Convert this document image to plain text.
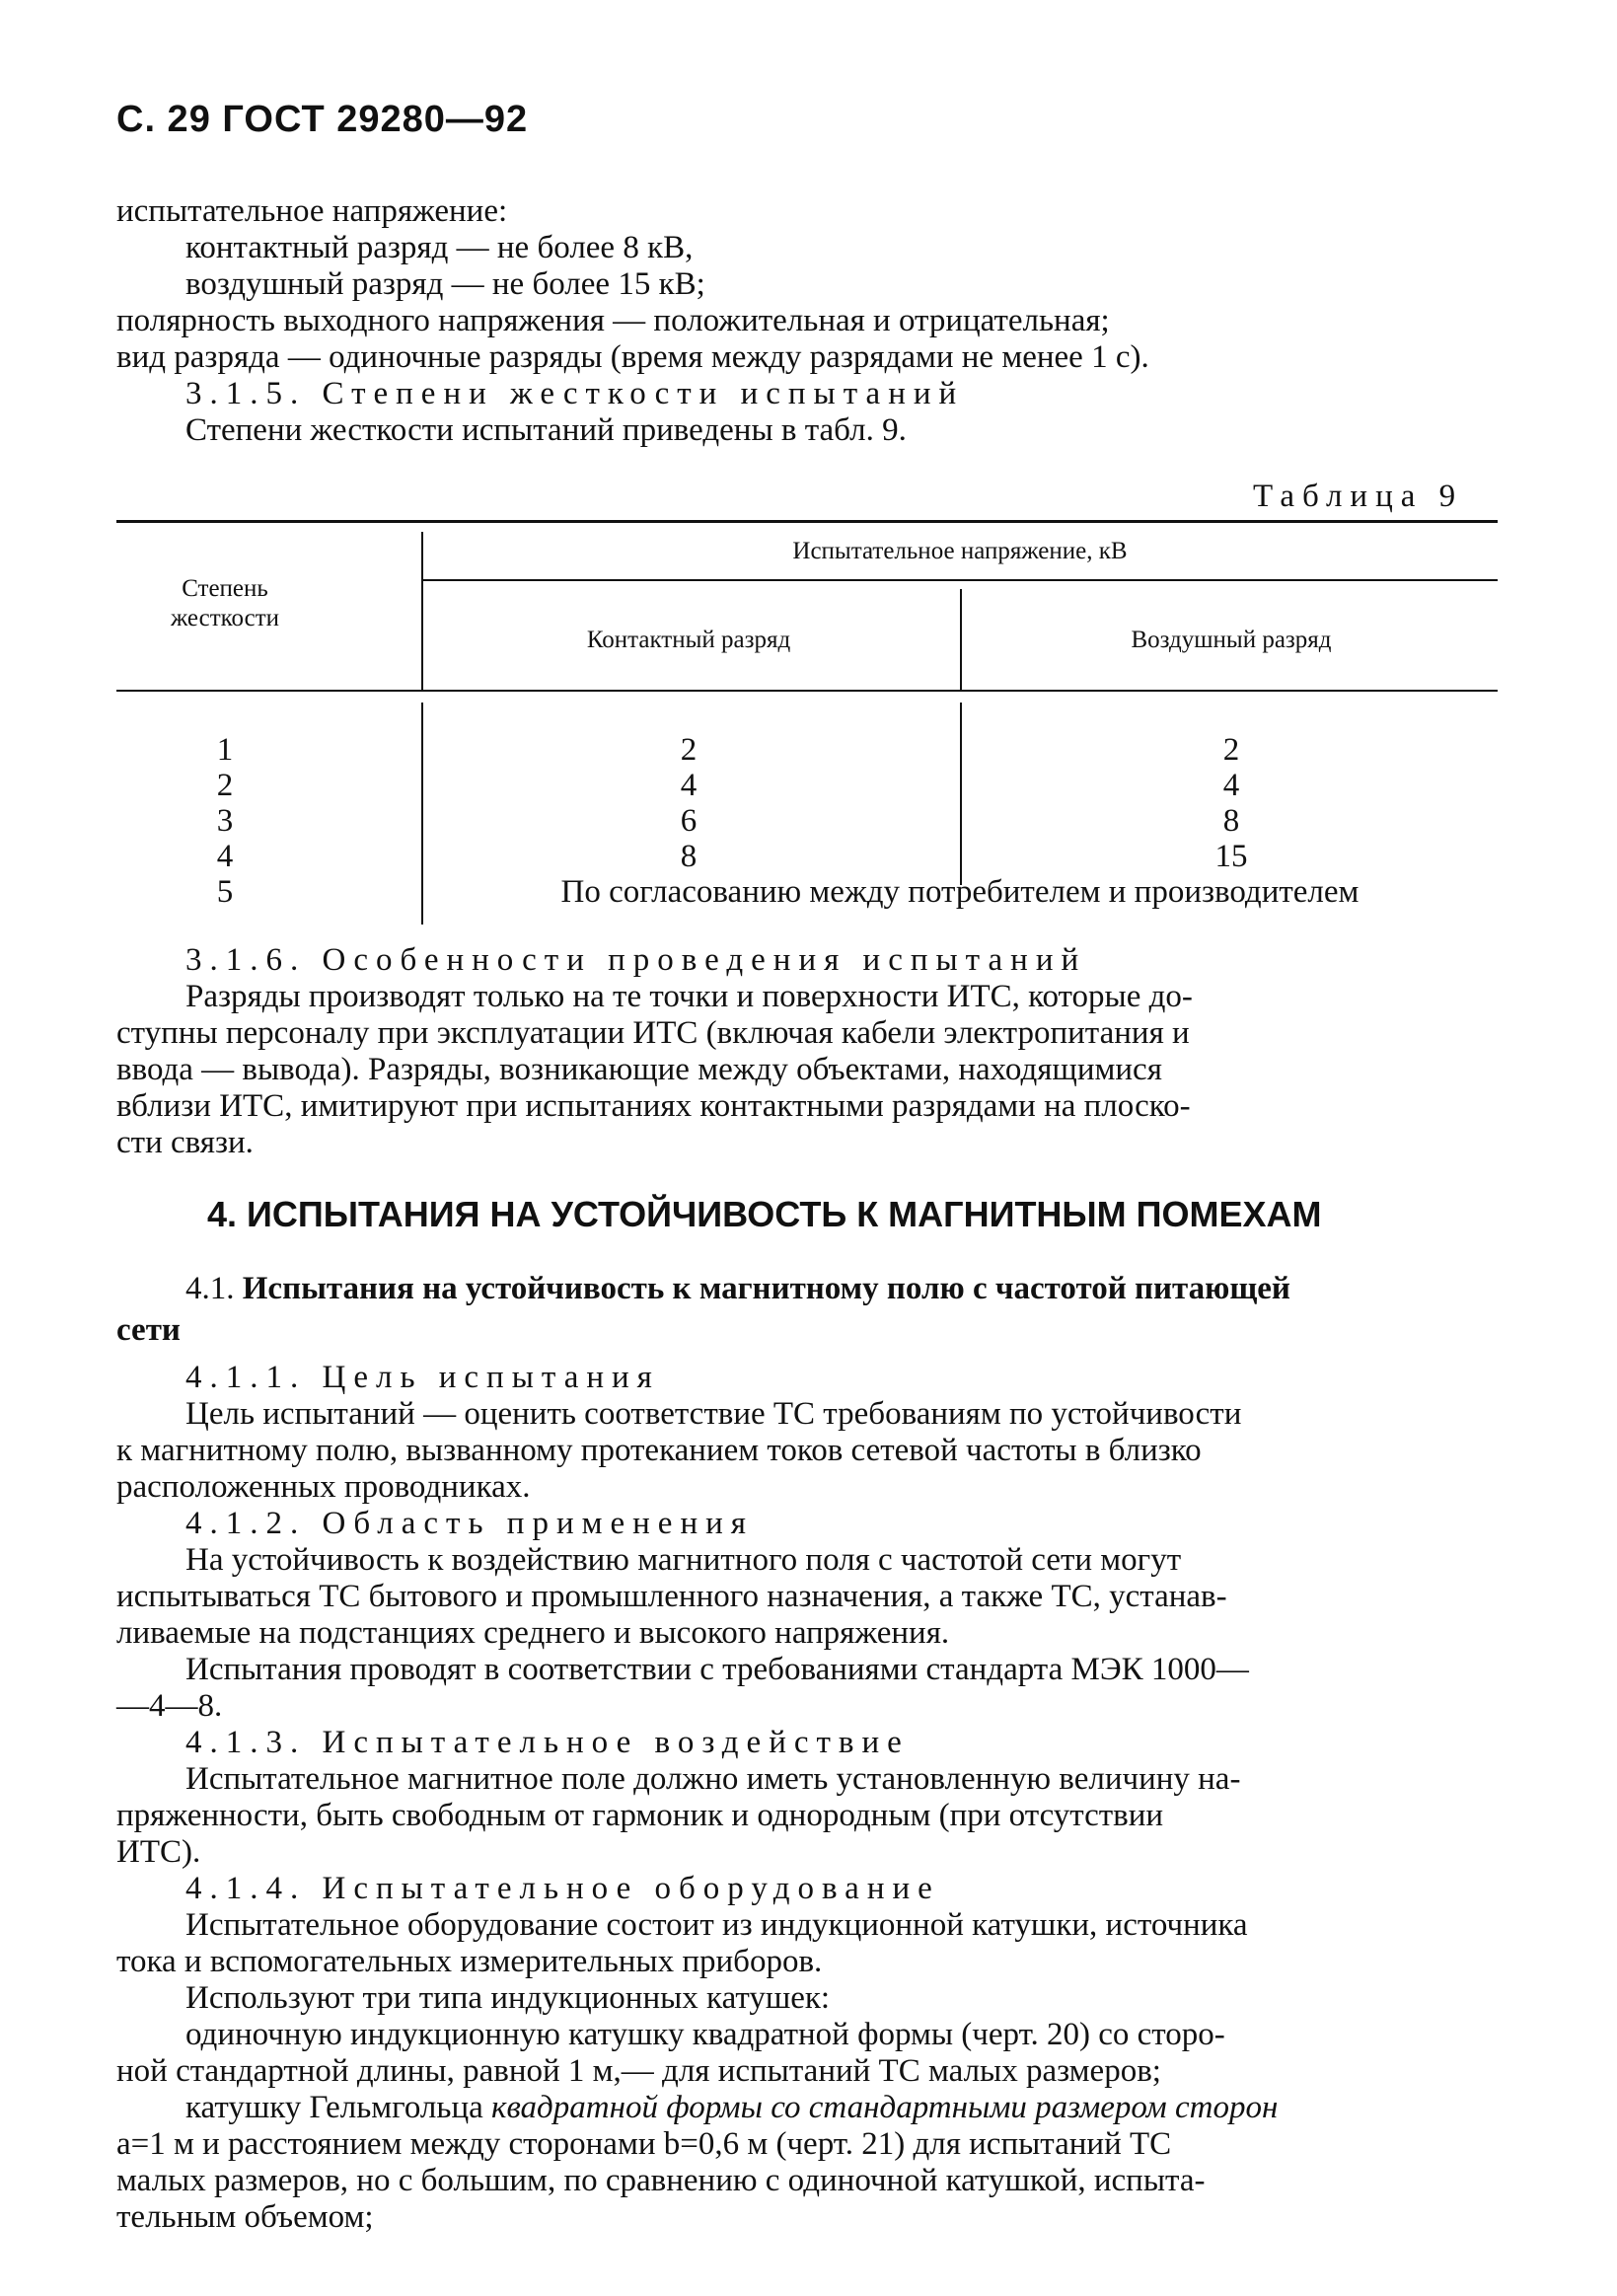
С. 29 ГОСТ 29280—92
испытательное напряжение:
контактный разряд — не более 8 кВ,
воздушный разряд — не более 15 кВ;
полярность выходного напряжения — положительная и отрицательная;
вид разряда — одиночные разряды (время между разрядами не менее 1 с).
3.1.5. Степени жесткости испытаний
Степени жесткости испытаний приведены в табл. 9.
Таблица 9
Степень жесткости
Испытательное напряжение, кВ
Контактный разряд	Воздушный разряд
1	2	2
2	4	4
3	6	8
4	8	15
5	По согласованию между потребителем и производителем
3.1.6. Особенности проведения испытаний
Разряды производят только на те точки и поверхности ИТС, которые до-
ступны персоналу при эксплуатации ИТС (включая кабели электропитания и
ввода — вывода). Разряды, возникающие между объектами, находящимися
вблизи ИТС, имитируют при испытаниях контактными разрядами на плоско-
сти связи.
4. ИСПЫТАНИЯ НА УСТОЙЧИВОСТЬ К МАГНИТНЫМ ПОМЕХАМ
4.1. Испытания на устойчивость к магнитному полю с частотой питающей
сети
4.1.1. Цель испытания
Цель испытаний — оценить соответствие ТС требованиям по устойчивости
к магнитному полю, вызванному протеканием токов сетевой частоты в близко
расположенных проводниках.
4.1.2. Область применения
На устойчивость к воздействию магнитного поля с частотой сети могут
испытываться ТС бытового и промышленного назначения, а также ТС, устанав-
ливаемые на подстанциях среднего и высокого напряжения.
Испытания проводят в соответствии с требованиями стандарта МЭК 1000—
—4—8.
4.1.3. Испытательное воздействие
Испытательное магнитное поле должно иметь установленную величину на-
пряженности, быть свободным от гармоник и однородным (при отсутствии
ИТС).
4.1.4. Испытательное оборудование
Испытательное оборудование состоит из индукционной катушки, источника
тока и вспомогательных измерительных приборов.
Используют три типа индукционных катушек:
одиночную индукционную катушку квадратной формы (черт. 20) со сторо-
ной стандартной длины, равной 1 м,— для испытаний ТС малых размеров;
катушку Гельмгольца квадратной формы со стандартными размером сторон
a=1 м и расстоянием между сторонами b=0,6 м (черт. 21) для испытаний ТС
малых размеров, но с большим, по сравнению с одиночной катушкой, испыта-
тельным объемом;
